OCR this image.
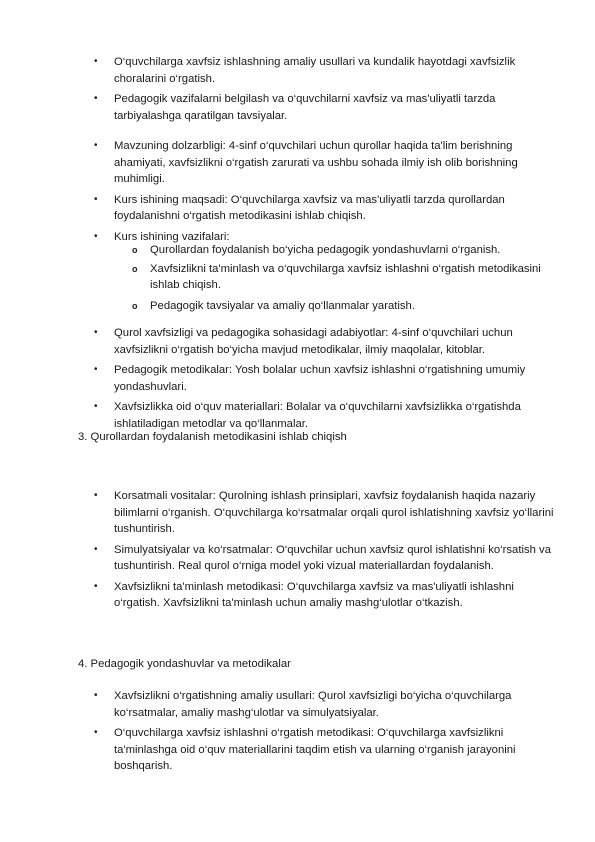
• O‘quvchilarga xavfsiz ishlashning amaliy usullari va kundalik hayotdagi xavfsizlik choralarini o‘rgatish.
• Pedagogik vazifalarni belgilash va o‘quvchilarni xavfsiz va mas'uliyatli tarzda tarbiyalashga qaratilgan tavsiyalar.
• Mavzuning dolzarbligi: 4-sinf o‘quvchilari uchun qurollar haqida ta'lim berishning ahamiyati, xavfsizlikni o‘rgatish zarurati va ushbu sohada ilmiy ish olib borishning muhimligi.
• Kurs ishining maqsadi: O‘quvchilarga xavfsiz va mas'uliyatli tarzda qurollardan foydalanishni o‘rgatish metodikasini ishlab chiqish.
• Kurs ishining vazifalari:
o Qurollardan foydalanish bo‘yicha pedagogik yondashuvlarni o‘rganish.
o Xavfsizlikni ta'minlash va o‘quvchilarga xavfsiz ishlashni o‘rgatish metodikasini ishlab chiqish.
o Pedagogik tavsiyalar va amaliy qo‘llanmalar yaratish.
• Qurol xavfsizligi va pedagogika sohasidagi adabiyotlar: 4-sinf o‘quvchilari uchun xavfsizlikni o‘rgatish bo‘yicha mavjud metodikalar, ilmiy maqolalar, kitoblar.
• Pedagogik metodikalar: Yosh bolalar uchun xavfsiz ishlashni o‘rgatishning umumiy yondashuvlari.
• Xavfsizlikka oid o‘quv materiallari: Bolalar va o‘quvchilarni xavfsizlikka o‘rgatishda ishlatiladigan metodlar va qo‘llanmalar.
3. Qurollardan foydalanish metodikasini ishlab chiqish
• Korsatmali vositalar: Qurolning ishlash prinsiplari, xavfsiz foydalanish haqida nazariy bilimlarni o‘rganish. O‘quvchilarga ko‘rsatmalar orqali qurol ishlatishning xavfsiz yo‘llarini tushuntirish.
• Simulyatsiyalar va ko‘rsatmalar: O‘quvchilar uchun xavfsiz qurol ishlatishni ko‘rsatish va tushuntirish. Real qurol o‘rniga model yoki vizual materiallardan foydalanish.
• Xavfsizlikni ta'minlash metodikasi: O‘quvchilarga xavfsiz va mas'uliyatli ishlashni o‘rgatish. Xavfsizlikni ta'minlash uchun amaliy mashg‘ulotlar o‘tkazish.
4. Pedagogik yondashuvlar va metodikalar
• Xavfsizlikni o‘rgatishning amaliy usullari: Qurol xavfsizligi bo‘yicha o‘quvchilarga ko‘rsatmalar, amaliy mashg‘ulotlar va simulyatsiyalar.
• O‘quvchilarga xavfsiz ishlashni o‘rgatish metodikasi: O‘quvchilarga xavfsizlikni ta'minlashga oid o‘quv materiallarini taqdim etish va ularning o‘rganish jarayonini boshqarish.
